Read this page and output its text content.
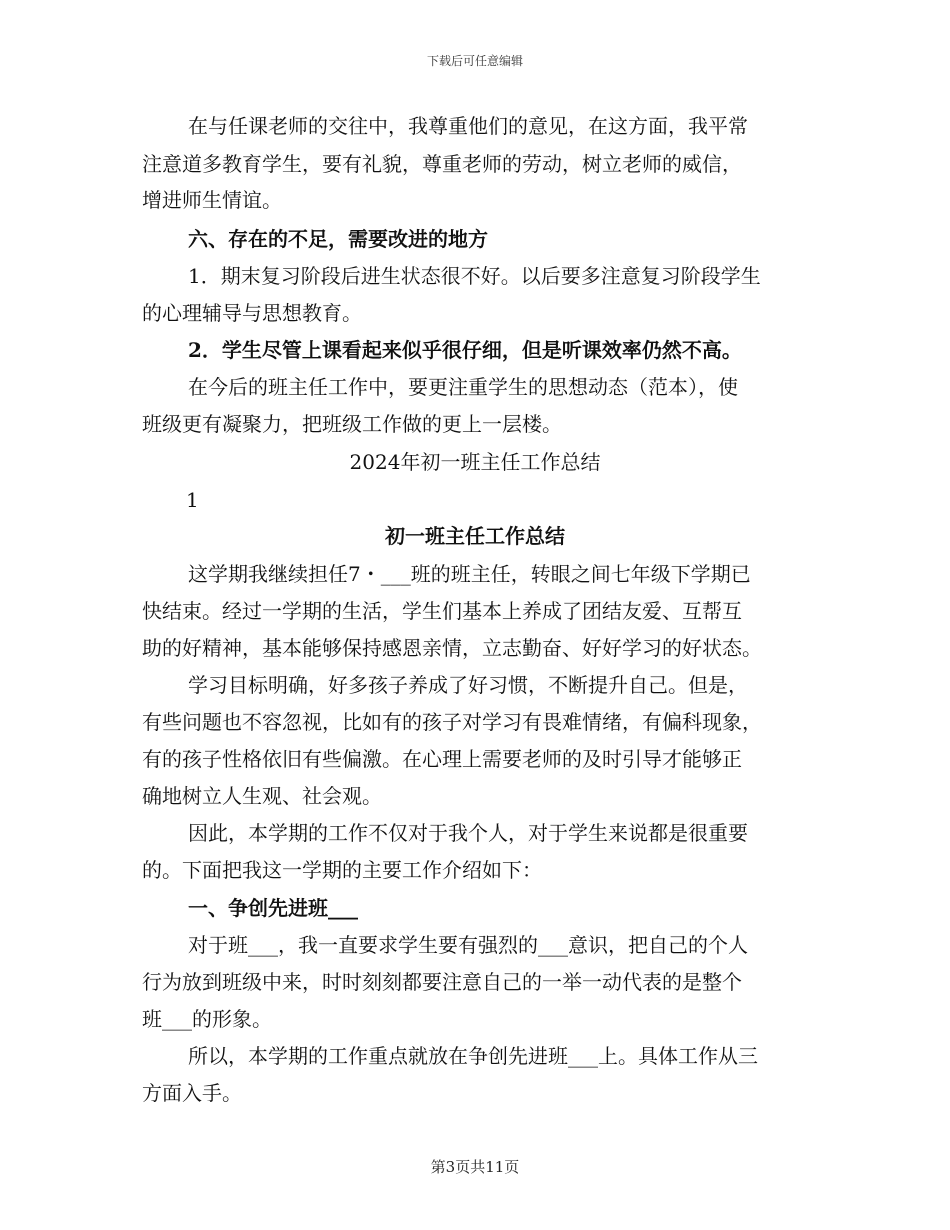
下载后可任意编辑
在与任课老师的交往中，我尊重他们的意见，在这方面，我平常
注意道多教育学生，要有礼貌，尊重老师的劳动，树立老师的威信，
增进师生情谊。
六、存在的不足，需要改进的地方
1．期末复习阶段后进生状态很不好。以后要多注意复习阶段学生
的心理辅导与思想教育。
2．学生尽管上课看起来似乎很仔细，但是听课效率仍然不高。
在今后的班主任工作中，要更注重学生的思想动态（范本），使
班级更有凝聚力，把班级工作做的更上一层楼。
2024年初一班主任工作总结
1
初一班主任工作总结
这学期我继续担任7・___班的班主任，转眼之间七年级下学期已
快结束。经过一学期的生活，学生们基本上养成了团结友爱、互帮互
助的好精神，基本能够保持感恩亲情，立志勤奋、好好学习的好状态。
学习目标明确，好多孩子养成了好习惯，不断提升自己。但是，
有些问题也不容忽视，比如有的孩子对学习有畏难情绪，有偏科现象，
有的孩子性格依旧有些偏激。在心理上需要老师的及时引导才能够正
确地树立人生观、社会观。
因此，本学期的工作不仅对于我个人，对于学生来说都是很重要
的。下面把我这一学期的主要工作介绍如下：
一、争创先进班___
对于班___，我一直要求学生要有强烈的___意识，把自己的个人
行为放到班级中来，时时刻刻都要注意自己的一举一动代表的是整个
班___的形象。
所以，本学期的工作重点就放在争创先进班___上。具体工作从三
方面入手。
第3页共11页
